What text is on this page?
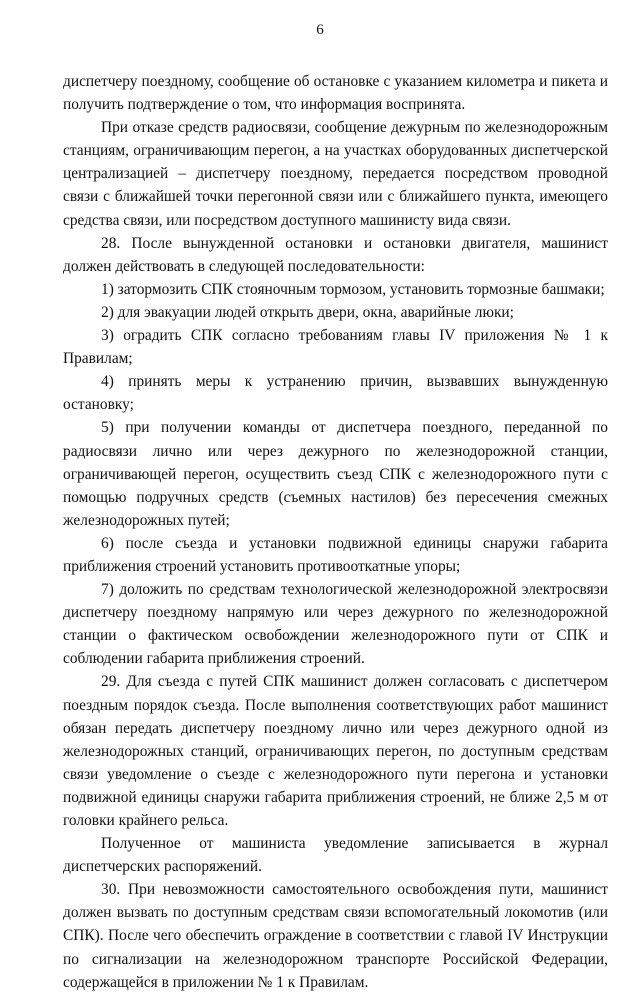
6

диспетчеру поездному, сообщение об остановке с указанием километра и пикета и получить подтверждение о том, что информация воспринята.

При отказе средств радиосвязи, сообщение дежурным по железнодорожным станциям, ограничивающим перегон, а на участках оборудованных диспетчерской централизацией – диспетчеру поездному, передается посредством проводной связи с ближайшей точки перегонной связи или с ближайшего пункта, имеющего средства связи, или посредством доступного машинисту вида связи.

28. После вынужденной остановки и остановки двигателя, машинист должен действовать в следующей последовательности:

1) затормозить СПК стояночным тормозом, установить тормозные башмаки;

2) для эвакуации людей открыть двери, окна, аварийные люки;

3) оградить СПК согласно требованиям главы IV приложения № 1 к Правилам;

4) принять меры к устранению причин, вызвавших вынужденную остановку;

5) при получении команды от диспетчера поездного, переданной по радиосвязи лично или через дежурного по железнодорожной станции, ограничивающей перегон, осуществить съезд СПК с железнодорожного пути с помощью подручных средств (съемных настилов) без пересечения смежных железнодорожных путей;

6) после съезда и установки подвижной единицы снаружи габарита приближения строений установить противооткатные упоры;

7) доложить по средствам технологической железнодорожной электросвязи диспетчеру поездному напрямую или через дежурного по железнодорожной станции о фактическом освобождении железнодорожного пути от СПК и соблюдении габарита приближения строений.

29. Для съезда с путей СПК машинист должен согласовать с диспетчером поездным порядок съезда. После выполнения соответствующих работ машинист обязан передать диспетчеру поездному лично или через дежурного одной из железнодорожных станций, ограничивающих перегон, по доступным средствам связи уведомление о съезде с железнодорожного пути перегона и установки подвижной единицы снаружи габарита приближения строений, не ближе 2,5 м от головки крайнего рельса.

Полученное от машиниста уведомление записывается в журнал диспетчерских распоряжений.

30. При невозможности самостоятельного освобождения пути, машинист должен вызвать по доступным средствам связи вспомогательный локомотив (или СПК). После чего обеспечить ограждение в соответствии с главой IV Инструкции по сигнализации на железнодорожном транспорте Российской Федерации, содержащейся в приложении № 1 к Правилам.
